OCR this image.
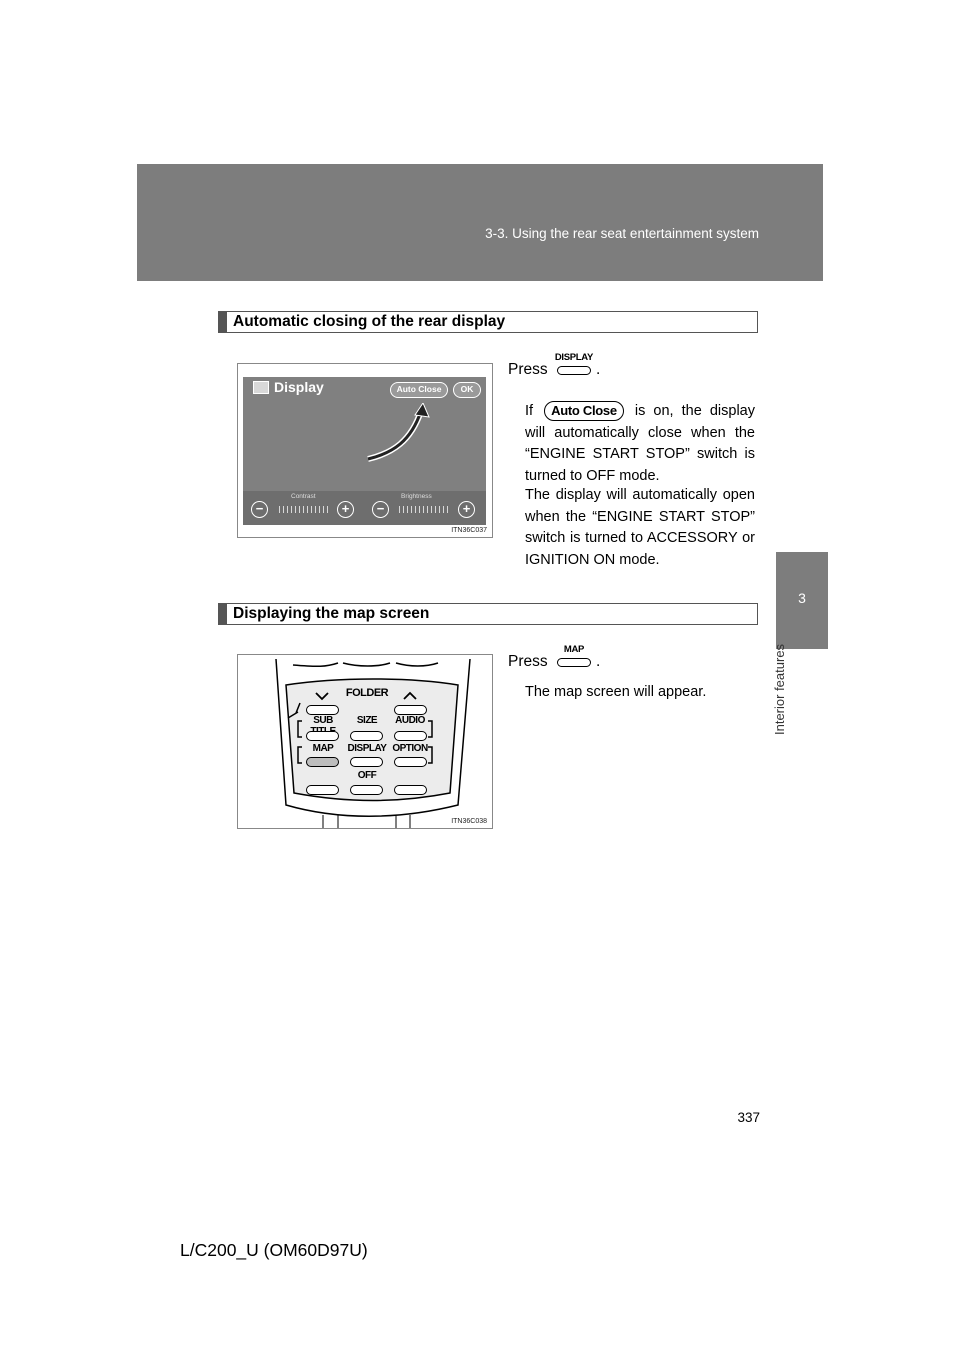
3-3. Using the rear seat entertainment system
3
Interior features
Automatic closing of the rear display
Display	Auto Close	OK
Contrast	Brightness
−	+	−	+
ITN36C037
Press
DISPLAY
.
If Auto Close is on, the display will automatically close when the “ENGINE START STOP” switch is turned to OFF mode.
The display will automatically open when the “ENGINE START STOP” switch is turned to ACCESSORY or IGNITION ON mode.
Displaying the map screen
FOLDER
SUB	SIZE	AUDIO
MAP	DISPLAY OPTION
OFF
ITN36C038
Press
MAP
.
The map screen will appear.
337
L/C200_U (OM60D97U)
